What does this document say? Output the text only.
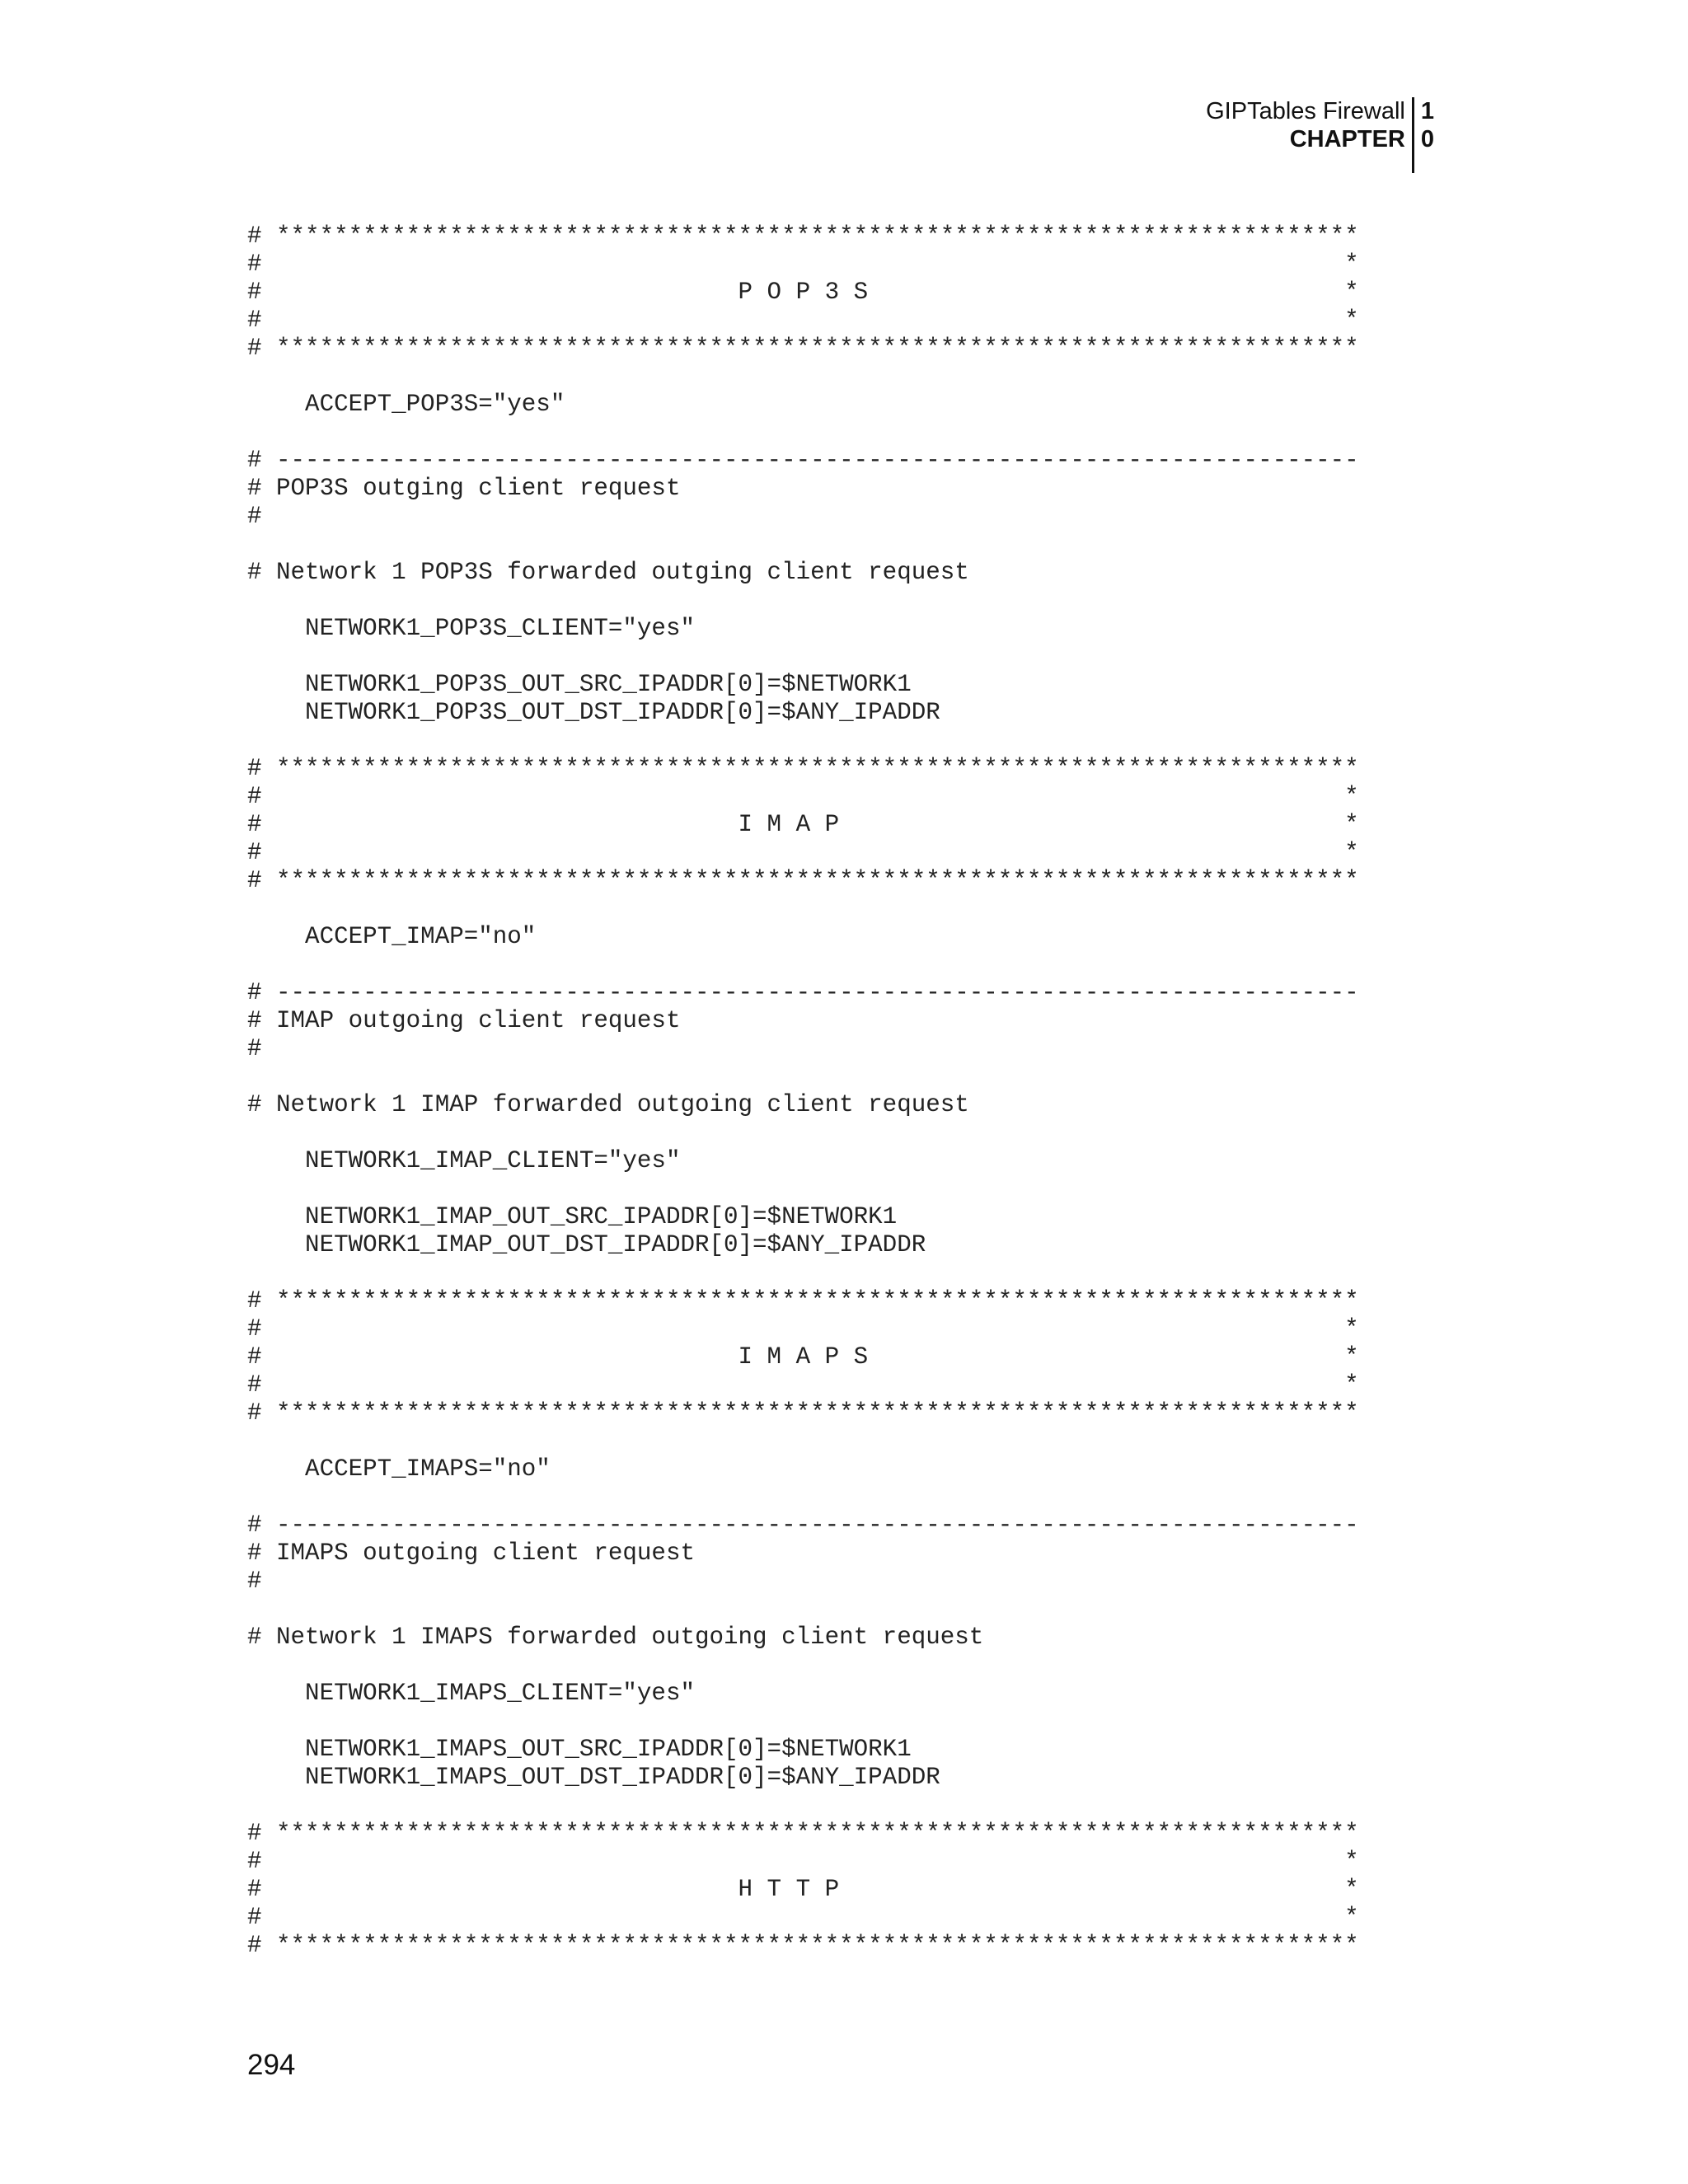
GIPTables Firewall
CHAPTER
1
0
# ***************************************************************************
#                                                                           *
#                                 P O P 3 S                                 *
#                                                                           *
# ***************************************************************************
ACCEPT_POP3S="yes"
# ---------------------------------------------------------------------------
# POP3S outging client request
#
# Network 1 POP3S forwarded outging client request
NETWORK1_POP3S_CLIENT="yes"
NETWORK1_POP3S_OUT_SRC_IPADDR[0]=$NETWORK1
NETWORK1_POP3S_OUT_DST_IPADDR[0]=$ANY_IPADDR
# ***************************************************************************
#                                                                           *
#                                 I M A P                                   *
#                                                                           *
# ***************************************************************************
ACCEPT_IMAP="no"
# ---------------------------------------------------------------------------
# IMAP outgoing client request
#
# Network 1 IMAP forwarded outgoing client request
NETWORK1_IMAP_CLIENT="yes"
NETWORK1_IMAP_OUT_SRC_IPADDR[0]=$NETWORK1
NETWORK1_IMAP_OUT_DST_IPADDR[0]=$ANY_IPADDR
# ***************************************************************************
#                                                                           *
#                                 I M A P S                                 *
#                                                                           *
# ***************************************************************************
ACCEPT_IMAPS="no"
# ---------------------------------------------------------------------------
# IMAPS outgoing client request
#
# Network 1 IMAPS forwarded outgoing client request
NETWORK1_IMAPS_CLIENT="yes"
NETWORK1_IMAPS_OUT_SRC_IPADDR[0]=$NETWORK1
NETWORK1_IMAPS_OUT_DST_IPADDR[0]=$ANY_IPADDR
# ***************************************************************************
#                                                                           *
#                                 H T T P                                   *
#                                                                           *
# ***************************************************************************
294
